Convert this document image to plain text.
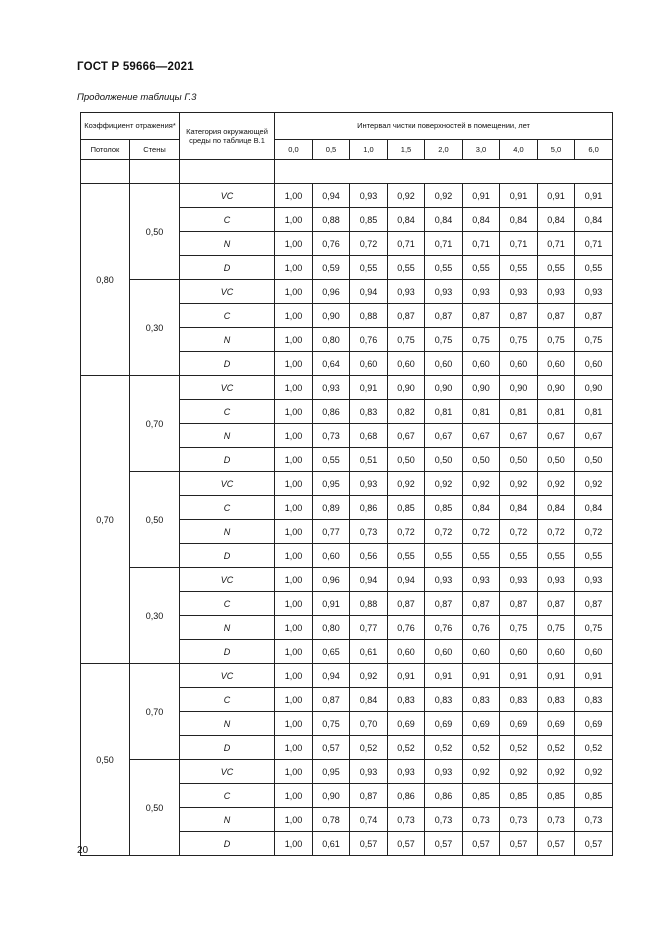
ГОСТ Р 59666—2021
Продолжение таблицы Г.3
Коэффициент отражения*		Категория окружающей среды по таблице В.1	Интервал чистки поверхностей в помещении, лет								
Потолок	Стены		0,0	0,5	1,0	1,5	2,0	3,0	4,0	5,0	6,0

0,80	0,50	VC	1,00	0,94	0,93	0,92	0,92	0,91	0,91	0,91	0,91
		C	1,00	0,88	0,85	0,84	0,84	0,84	0,84	0,84	0,84
		N	1,00	0,76	0,72	0,71	0,71	0,71	0,71	0,71	0,71
		D	1,00	0,59	0,55	0,55	0,55	0,55	0,55	0,55	0,55
	0,30	VC	1,00	0,96	0,94	0,93	0,93	0,93	0,93	0,93	0,93
		C	1,00	0,90	0,88	0,87	0,87	0,87	0,87	0,87	0,87
		N	1,00	0,80	0,76	0,75	0,75	0,75	0,75	0,75	0,75
		D	1,00	0,64	0,60	0,60	0,60	0,60	0,60	0,60	0,60
0,70	0,70	VC	1,00	0,93	0,91	0,90	0,90	0,90	0,90	0,90	0,90
		C	1,00	0,86	0,83	0,82	0,81	0,81	0,81	0,81	0,81
		N	1,00	0,73	0,68	0,67	0,67	0,67	0,67	0,67	0,67
		D	1,00	0,55	0,51	0,50	0,50	0,50	0,50	0,50	0,50
	0,50	VC	1,00	0,95	0,93	0,92	0,92	0,92	0,92	0,92	0,92
		C	1,00	0,89	0,86	0,85	0,85	0,84	0,84	0,84	0,84
		N	1,00	0,77	0,73	0,72	0,72	0,72	0,72	0,72	0,72
		D	1,00	0,60	0,56	0,55	0,55	0,55	0,55	0,55	0,55
	0,30	VC	1,00	0,96	0,94	0,94	0,93	0,93	0,93	0,93	0,93
		C	1,00	0,91	0,88	0,87	0,87	0,87	0,87	0,87	0,87
		N	1,00	0,80	0,77	0,76	0,76	0,76	0,75	0,75	0,75
		D	1,00	0,65	0,61	0,60	0,60	0,60	0,60	0,60	0,60
0,50	0,70	VC	1,00	0,94	0,92	0,91	0,91	0,91	0,91	0,91	0,91
		C	1,00	0,87	0,84	0,83	0,83	0,83	0,83	0,83	0,83
		N	1,00	0,75	0,70	0,69	0,69	0,69	0,69	0,69	0,69
		D	1,00	0,57	0,52	0,52	0,52	0,52	0,52	0,52	0,52
	0,50	VC	1,00	0,95	0,93	0,93	0,93	0,92	0,92	0,92	0,92
		C	1,00	0,90	0,87	0,86	0,86	0,85	0,85	0,85	0,85
		N	1,00	0,78	0,74	0,73	0,73	0,73	0,73	0,73	0,73
		D	1,00	0,61	0,57	0,57	0,57	0,57	0,57	0,57	0,57
20
